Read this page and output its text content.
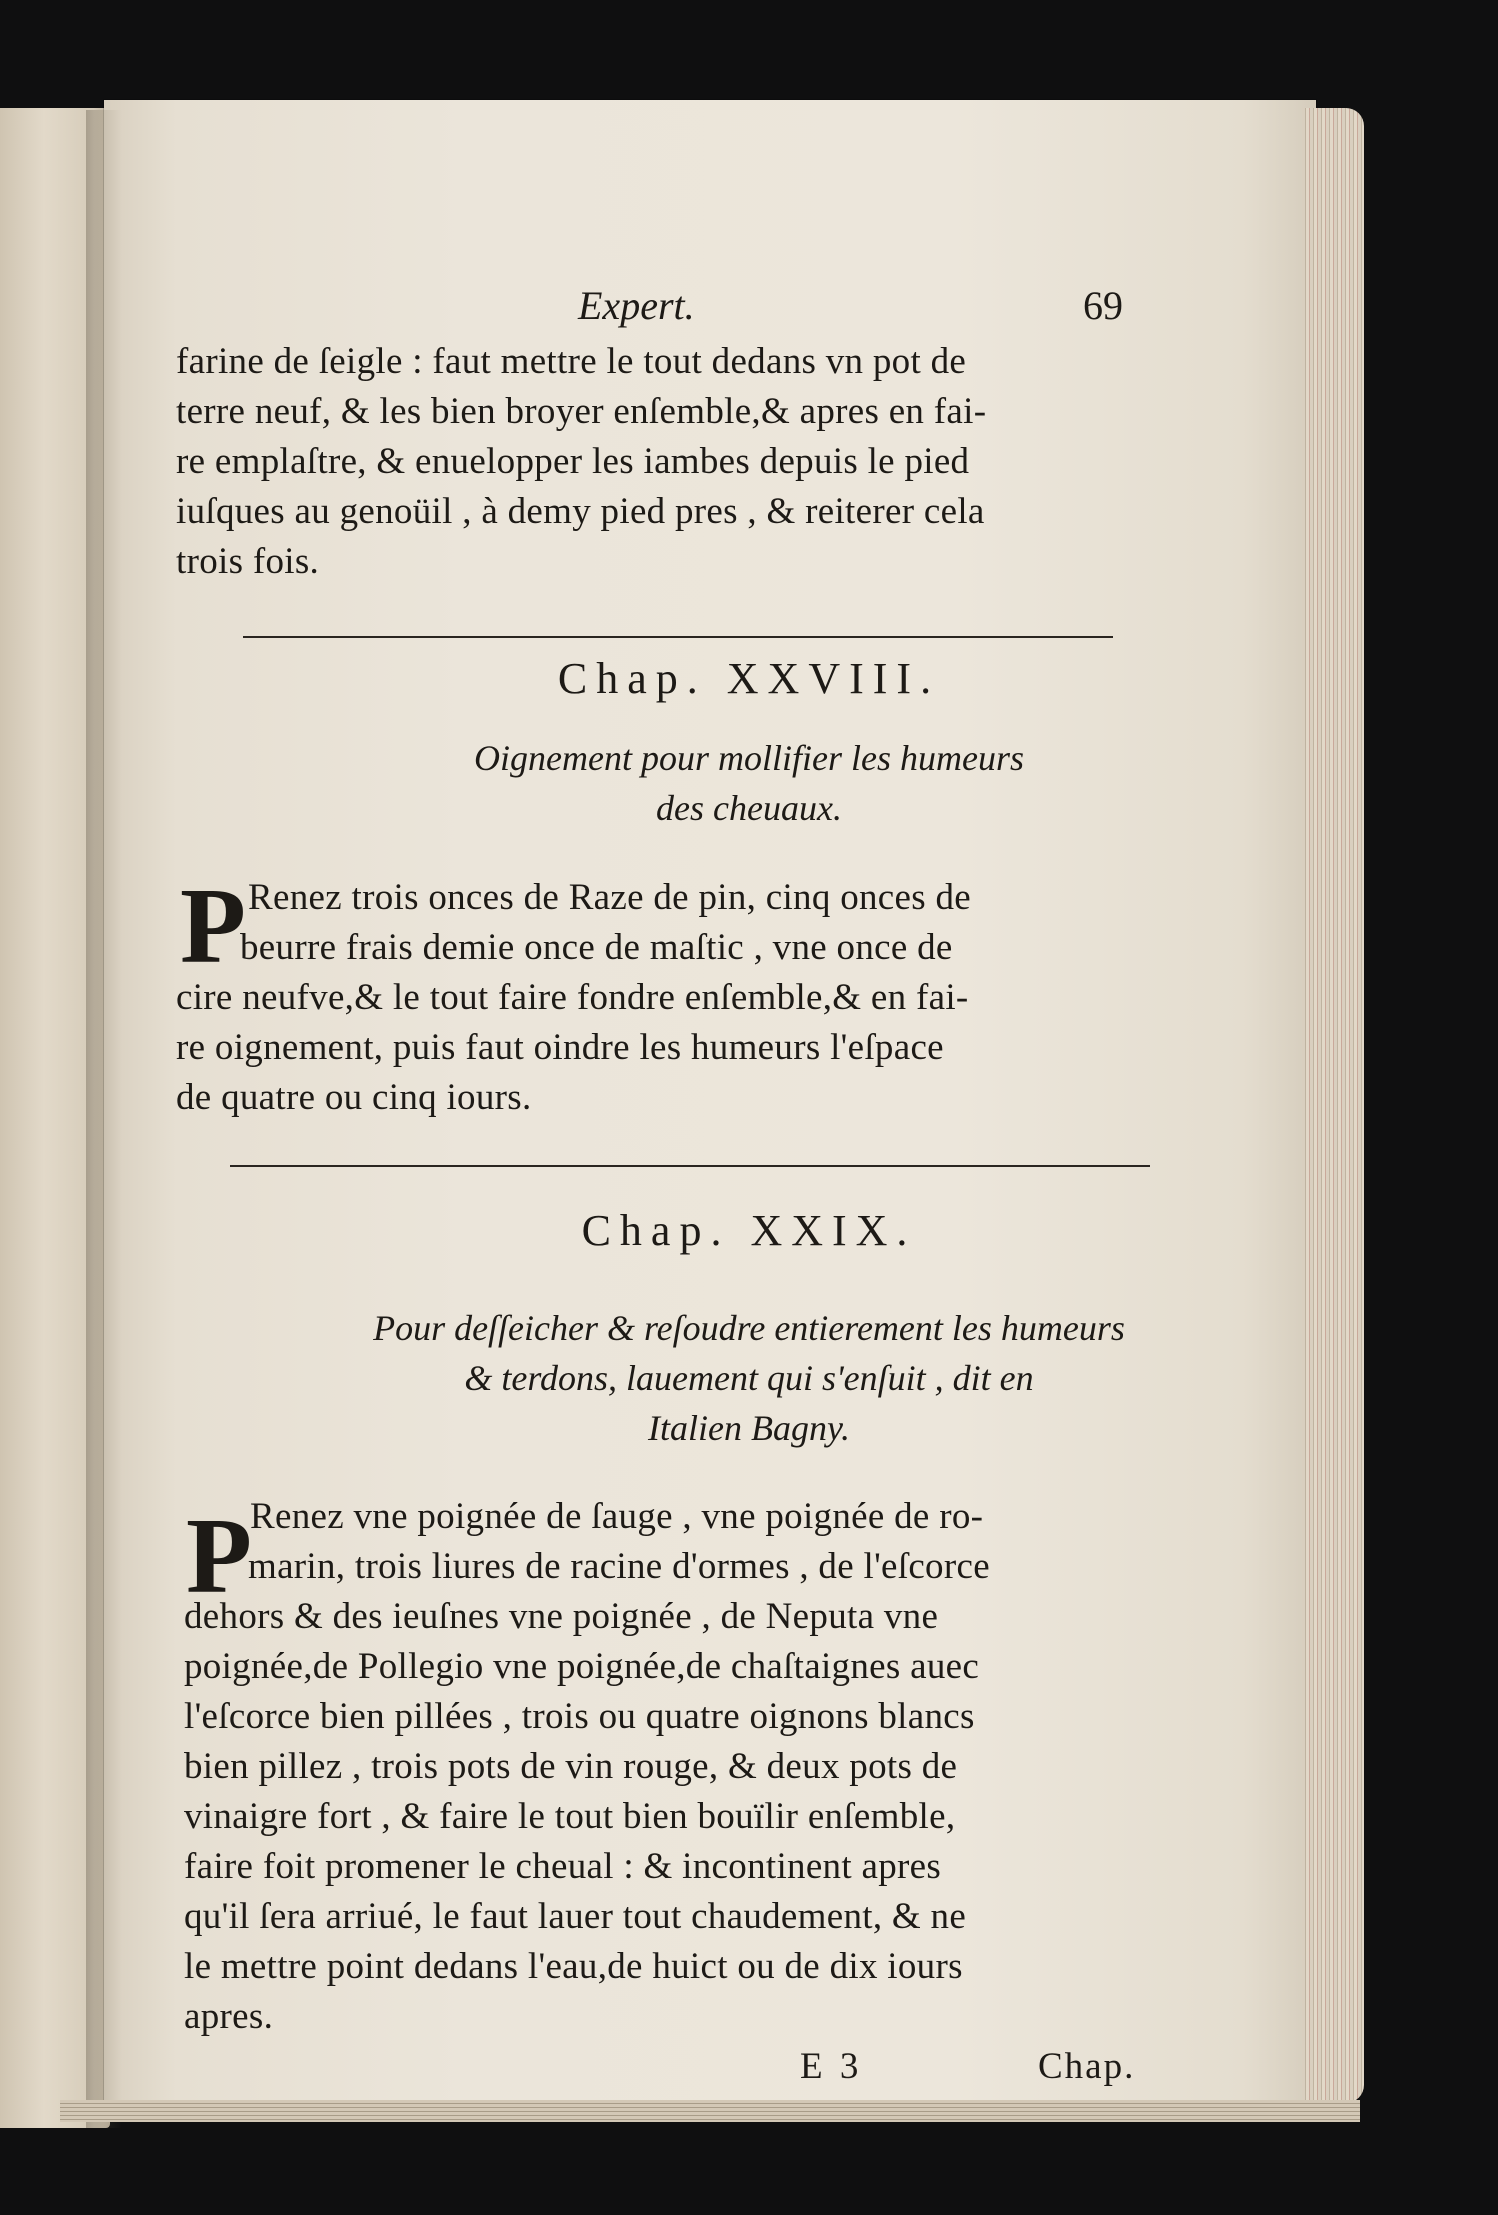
Expert.	69
farine de ſeigle : faut mettre le tout dedans vn pot de
terre neuf, & les bien broyer enſemble,& apres en fai-
re emplaſtre, & enuelopper les iambes depuis le pied
iuſques au genoüil , à demy pied pres , & reiterer cela
trois fois.
Chap. XXVIII.
Oignement pour mollifier les humeurs
des cheuaux.
P Renez trois onces de Raze de pin, cinq onces de
beurre frais demie once de maſtic , vne once de
cire neufve,& le tout faire fondre enſemble,& en fai-
re oignement, puis faut oindre les humeurs l'eſpace
de quatre ou cinq iours.
Chap. XXIX.
Pour deſſeicher & reſoudre entierement les humeurs
& terdons, lauement qui s'enſuit , dit en
Italien Bagny.
P
Renez vne poignée de ſauge , vne poignée de ro-
marin, trois liures de racine d'ormes , de l'eſcorce
dehors & des ieuſnes vne poignée , de Neputa vne
poignée,de Pollegio vne poignée,de chaſtaignes auec
l'eſcorce bien pillées , trois ou quatre oignons blancs
bien pillez , trois pots de vin rouge, & deux pots de
vinaigre fort , & faire le tout bien bouïlir enſemble,
faire foit promener le cheual : & incontinent apres
qu'il ſera arriué, le faut lauer tout chaudement, & ne
le mettre point dedans l'eau,de huict ou de dix iours
apres.
E 3	Chap.
